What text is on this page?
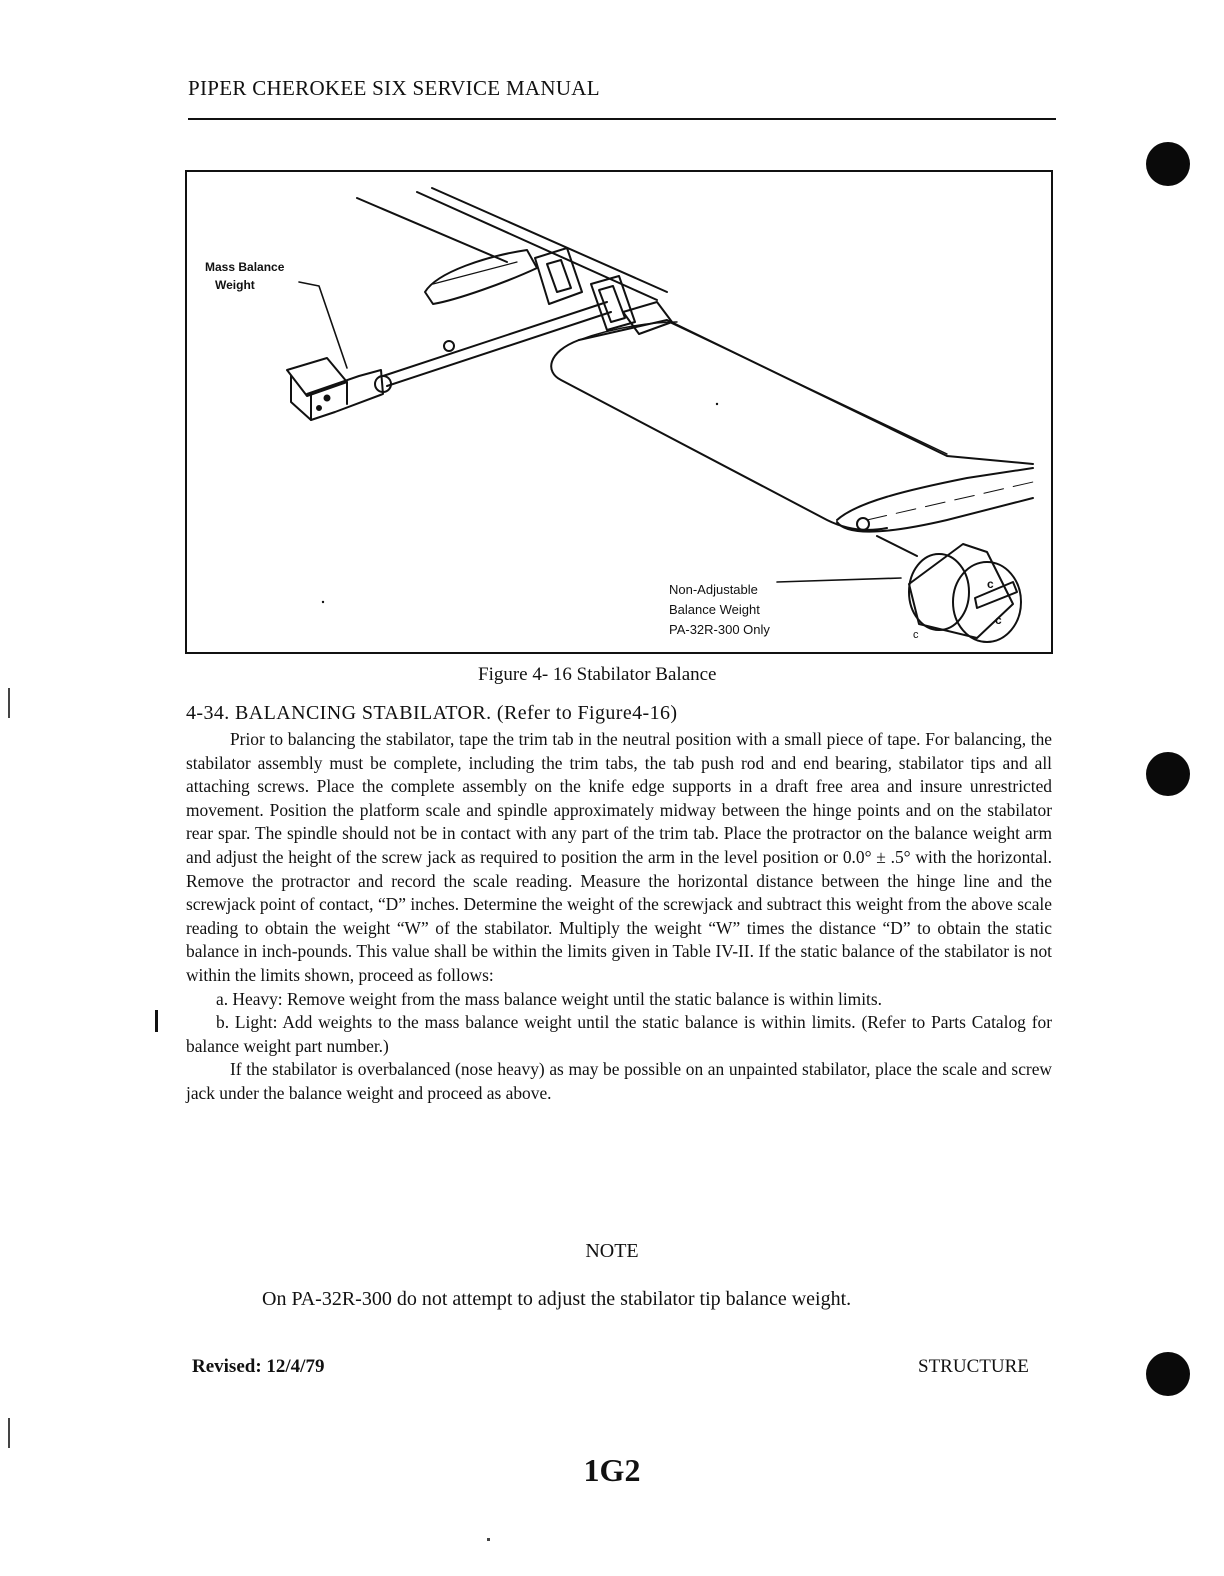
PIPER CHEROKEE SIX SERVICE MANUAL
c
c
c
Mass Balance
Weight
Non-Adjustable
Balance Weight
PA-32R-300 Only
Figure 4- 16 Stabilator Balance
4-34. BALANCING STABILATOR. (Refer to Figure4-16)

Prior to balancing the stabilator, tape the trim tab in the neutral position with a small piece of tape. For balancing, the stabilator assembly must be complete, including the trim tabs, the tab push rod and end bearing, stabilator tips and all attaching screws. Place the complete assembly on the knife edge supports in a draft free area and insure unrestricted movement. Position the platform scale and spindle approximately midway between the hinge points and on the stabilator rear spar. The spindle should not be in contact with any part of the trim tab. Place the protractor on the balance weight arm and adjust the height of the screw jack as required to position the arm in the level position or 0.0° ± .5° with the horizontal. Remove the protractor and record the scale reading. Measure the horizontal distance between the hinge line and the screwjack point of contact, “D” inches. Determine the weight of the screwjack and subtract this weight from the above scale reading to obtain the weight “W” of the stabilator. Multiply the weight “W” times the distance “D” to obtain the static balance in inch-pounds. This value shall be within the limits given in Table IV-II. If the static balance of the stabilator is not within the limits shown, proceed as follows:

a. Heavy: Remove weight from the mass balance weight until the static balance is within limits.

b. Light: Add weights to the mass balance weight until the static balance is within limits. (Refer to Parts Catalog for balance weight part number.)

If the stabilator is overbalanced (nose heavy) as may be possible on an unpainted stabilator, place the scale and screw jack under the balance weight and proceed as above.

NOTE
On PA-32R-300 do not attempt to adjust the stabilator tip balance weight.
Revised: 12/4/79	STRUCTURE
1G2
